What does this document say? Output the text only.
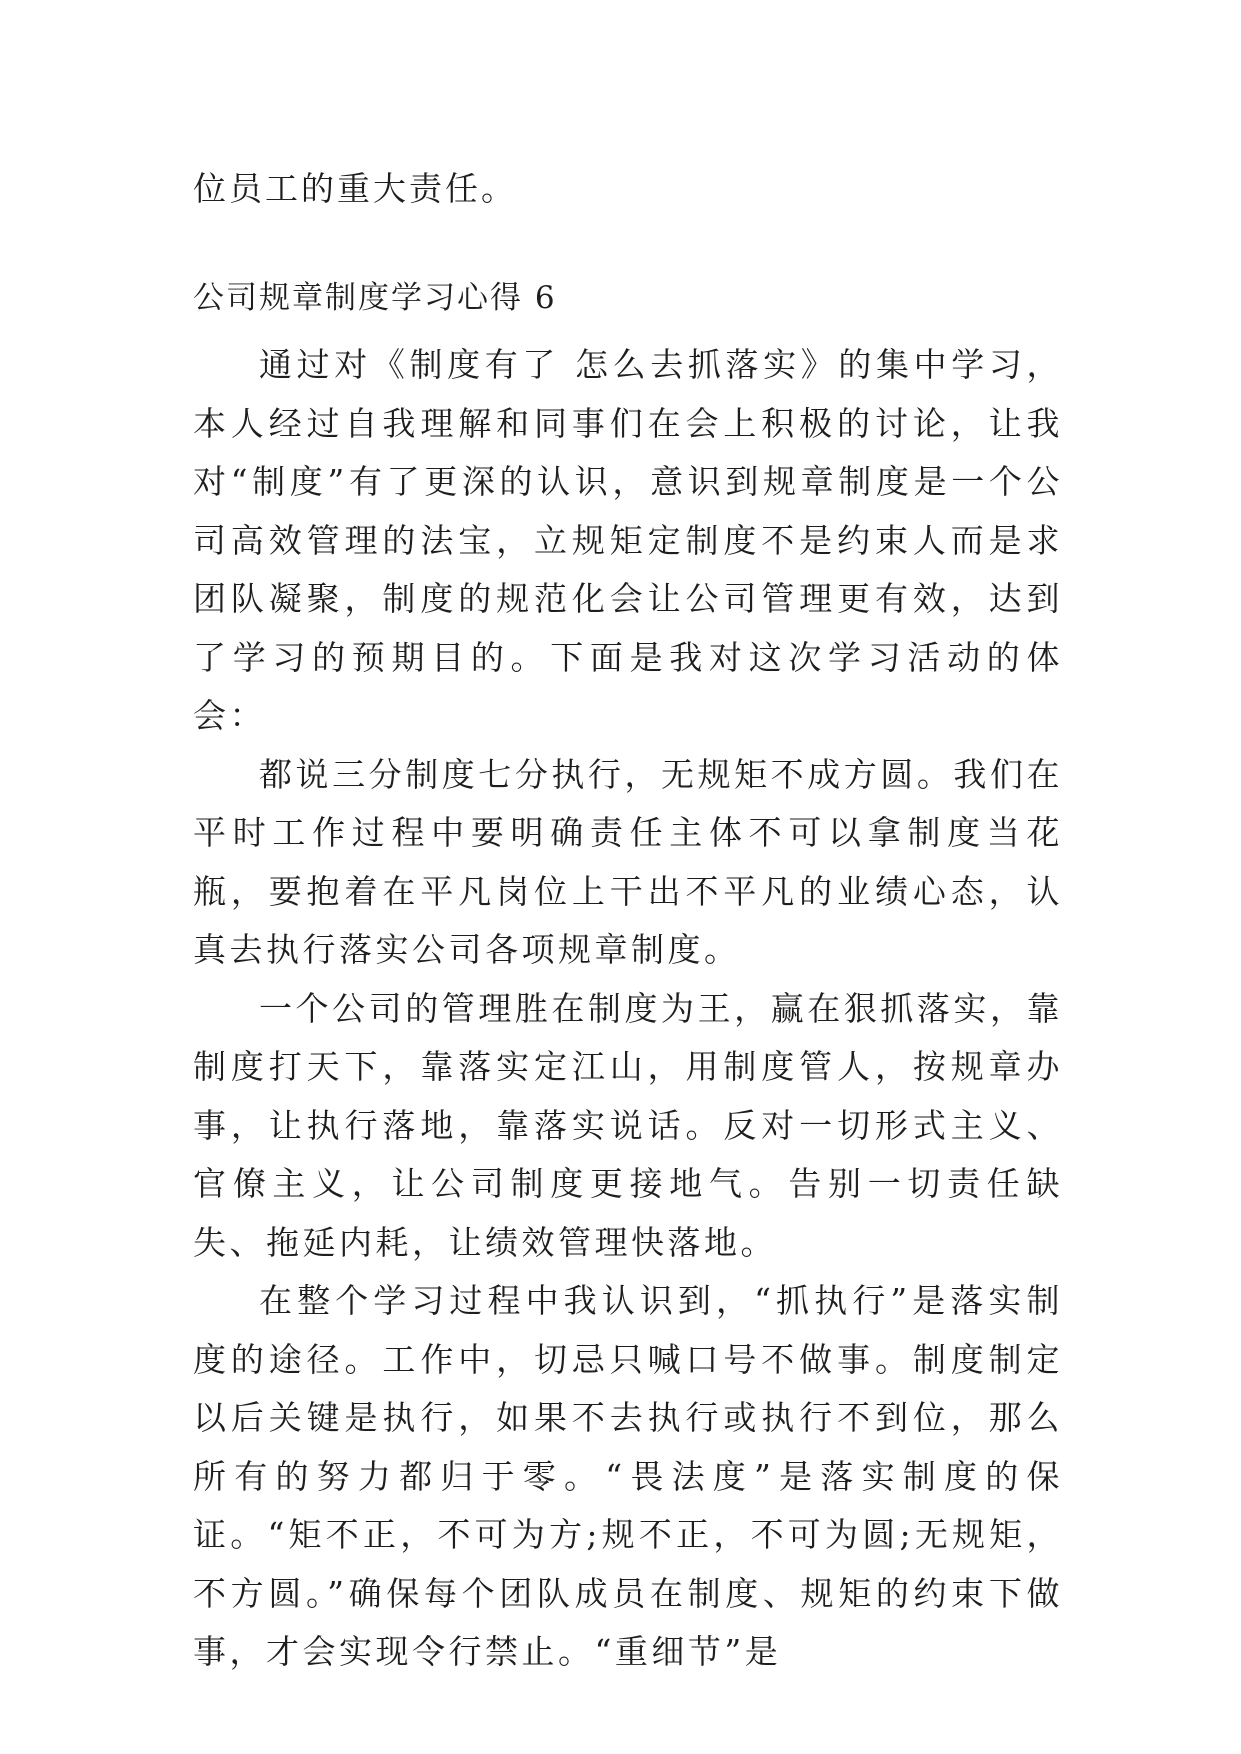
位员工的重大责任。
公司规章制度学习心得 6

通过对《制度有了 怎么去抓落实》的集中学习，本人经过自我理解和同事们在会上积极的讨论，让我对“制度”有了更深的认识，意识到规章制度是一个公司高效管理的法宝，立规矩定制度不是约束人而是求团队凝聚，制度的规范化会让公司管理更有效，达到了学习的预期目的。下面是我对这次学习活动的体会：

都说三分制度七分执行，无规矩不成方圆。我们在平时工作过程中要明确责任主体不可以拿制度当花瓶，要抱着在平凡岗位上干出不平凡的业绩心态，认真去执行落实公司各项规章制度。

一个公司的管理胜在制度为王，赢在狠抓落实，靠制度打天下，靠落实定江山，用制度管人，按规章办事，让执行落地，靠落实说话。反对一切形式主义、官僚主义，让公司制度更接地气。告别一切责任缺失、拖延内耗，让绩效管理快落地。

在整个学习过程中我认识到，“抓执行”是落实制度的途径。工作中，切忌只喊口号不做事。制度制定以后关键是执行，如果不去执行或执行不到位，那么所有的努力都归于零。“畏法度”是落实制度的保证。“矩不正，不可为方;规不正，不可为圆;无规矩，不方圆。”确保每个团队成员在制度、规矩的约束下做事，才会实现令行禁止。“重细节”是
